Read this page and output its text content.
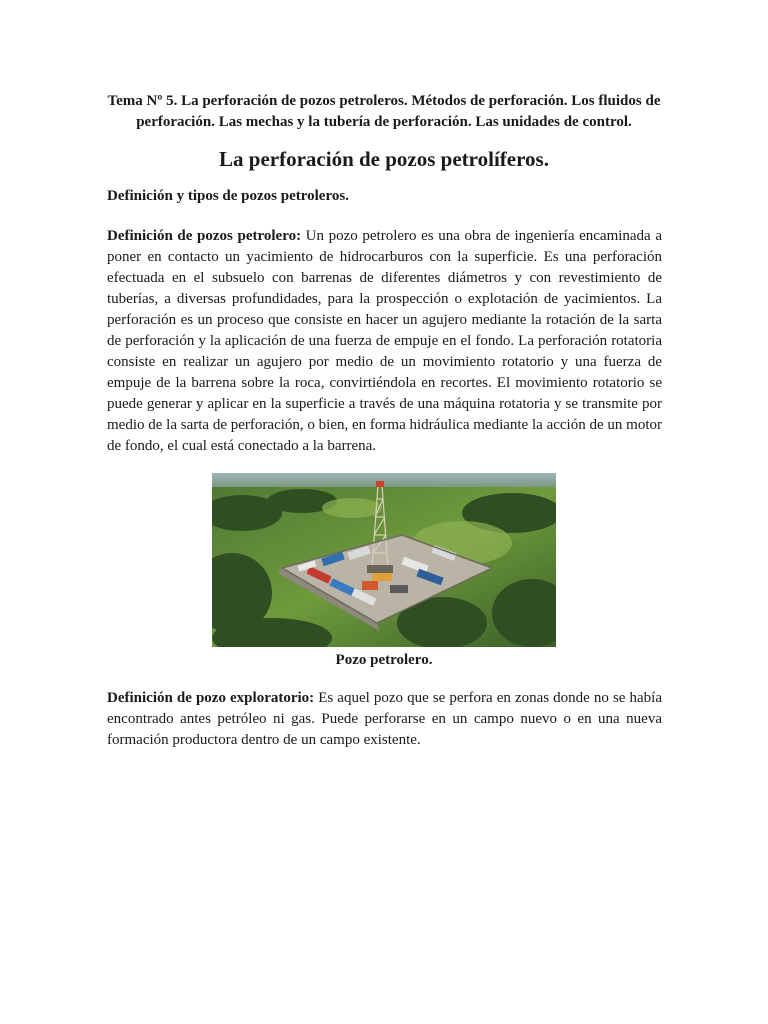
Tema Nº 5. La perforación de pozos petroleros. Métodos de perforación. Los fluidos de perforación. Las mechas y la tubería de perforación. Las unidades de control.
La perforación de pozos petrolíferos.
Definición y tipos de pozos petroleros.

Definición de pozos petrolero: Un pozo petrolero es una obra de ingeniería encaminada a poner en contacto un yacimiento de hidrocarburos con la superficie. Es una perforación efectuada en el subsuelo con barrenas de diferentes diámetros y con revestimiento de tuberías, a diversas profundidades, para la prospección o explotación de yacimientos. La perforación es un proceso que consiste en hacer un agujero mediante la rotación de la sarta de perforación y la aplicación de una fuerza de empuje en el fondo. La perforación rotatoria consiste en realizar un agujero por medio de un movimiento rotatorio y una fuerza de empuje de la barrena sobre la roca, convirtiéndola en recortes. El movimiento rotatorio se puede generar y aplicar en la superficie a través de una máquina rotatoria y se transmite por medio de la sarta de perforación, o bien, en forma hidráulica mediante la acción de un motor de fondo, el cual está conectado a la barrena.

Pozo petrolero.

Definición de pozo exploratorio: Es aquel pozo que se perfora en zonas donde no se había encontrado antes petróleo ni gas. Puede perforarse en un campo nuevo o en una nueva formación productora dentro de un campo existente.
